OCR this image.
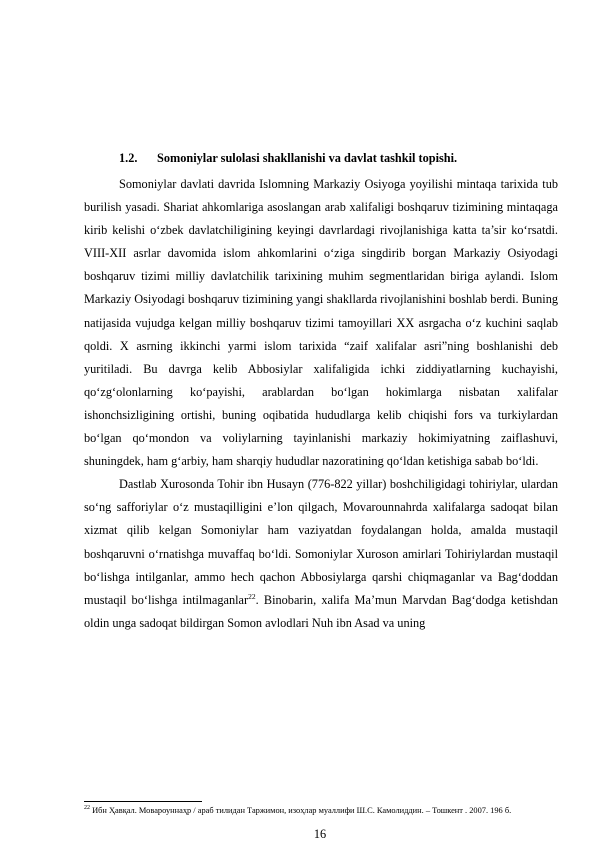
1.2. Somoniylar sulolasi shakllanishi va davlat tashkil topishi.

Somoniylar davlati davrida Islomning Markaziy Osiyoga yoyilishi mintaqa tarixida tub burilish yasadi. Shariat ahkomlariga asoslangan arab xalifaligi boshqaruv tizimining mintaqaga kirib kelishi o‘zbek davlatchiligining keyingi davrlardagi rivojlanishiga katta ta’sir ko‘rsatdi. VIII-XII asrlar davomida islom ahkomlarini o‘ziga singdirib borgan Markaziy Osiyodagi boshqaruv tizimi milliy davlatchilik tarixining muhim segmentlaridan biriga aylandi. Islom Markaziy Osiyodagi boshqaruv tizimining yangi shakllarda rivojlanishini boshlab berdi. Buning natijasida vujudga kelgan milliy boshqaruv tizimi tamoyillari XX asrgacha o‘z kuchini saqlab qoldi. X asrning ikkinchi yarmi islom tarixida “zaif xalifalar asri”ning boshlanishi deb yuritiladi. Bu davrga kelib Abbosiylar xalifaligida ichki ziddiyatlarning kuchayishi, qo‘zg‘olonlarning ko‘payishi, arablardan bo‘lgan hokimlarga nisbatan xalifalar ishonchsizligining ortishi, buning oqibatida hududlarga kelib chiqishi fors va turkiylardan bo‘lgan qo‘mondon va voliylarning tayinlanishi markaziy hokimiyatning zaiflashuvi, shuningdek, ham g‘arbiy, ham sharqiy hududlar nazoratining qo‘ldan ketishiga sabab bo‘ldi.

Dastlab Xurosonda Tohir ibn Husayn (776-822 yillar) boshchiligidagi tohiriylar, ulardan so‘ng safforiylar o‘z mustaqilligini e’lon qilgach, Movarounnahrda xalifalarga sadoqat bilan xizmat qilib kelgan Somoniylar ham vaziyatdan foydalangan holda, amalda mustaqil boshqaruvni o‘rnatishga muvaffaq bo‘ldi. Somoniylar Xuroson amirlari Tohiriylardan mustaqil bo‘lishga intilganlar, ammo hech qachon Abbosiylarga qarshi chiqmaganlar va Bag‘doddan mustaqil bo‘lishga intilmaganlar$^{22}$. Binobarin, xalifa Ma’mun Marvdan Bag‘dodga ketishdan oldin unga sadoqat bildirgan Somon avlodlari Nuh ibn Asad va uning

$^{22}$ Ибн Ҳавқал. Мовароуннаҳр / араб тилидан Таржимон, изоҳлар муаллифи Ш.С. Камолиддин. – Тошкент . 2007. 196 б.
16
